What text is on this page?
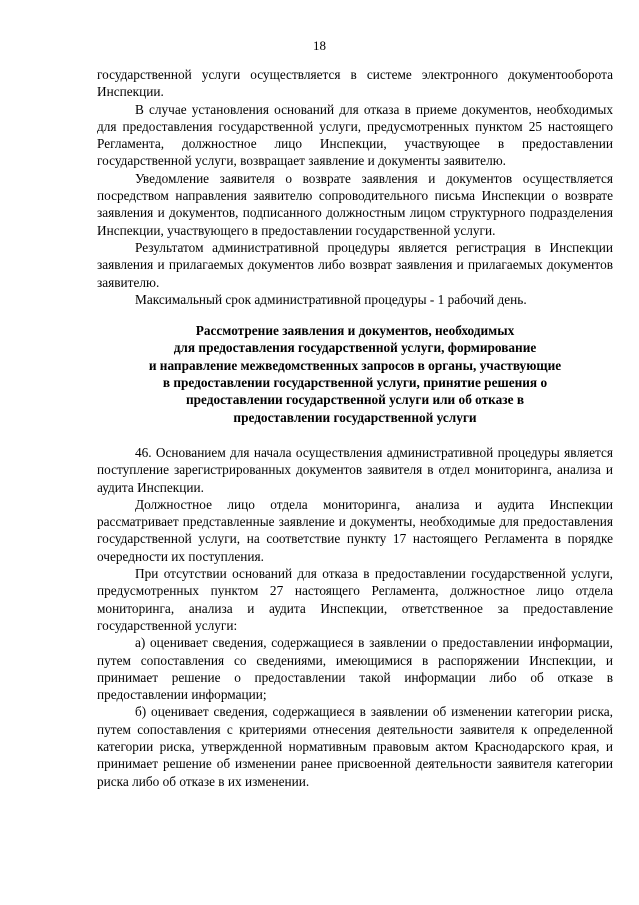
18

государственной услуги осуществляется в системе электронного документооборота Инспекции.

В случае установления оснований для отказа в приеме документов, необходимых для предоставления государственной услуги, предусмотренных пунктом 25 настоящего Регламента, должностное лицо Инспекции, участвующее в предоставлении государственной услуги, возвращает заявление и документы заявителю.

Уведомление заявителя о возврате заявления и документов осуществляется посредством направления заявителю сопроводительного письма Инспекции о возврате заявления и документов, подписанного должностным лицом структурного подразделения Инспекции, участвующего в предоставлении государственной услуги.

Результатом административной процедуры является регистрация в Инспекции заявления и прилагаемых документов либо возврат заявления и прилагаемых документов заявителю.

Максимальный срок административной процедуры - 1 рабочий день.

Рассмотрение заявления и документов, необходимых
для предоставления государственной услуги, формирование
и направление межведомственных запросов в органы, участвующие
в предоставлении государственной услуги, принятие решения о
предоставлении государственной услуги или об отказе в
предоставлении государственной услуги

46. Основанием для начала осуществления административной процедуры является поступление зарегистрированных документов заявителя в отдел мониторинга, анализа и аудита Инспекции.

Должностное лицо отдела мониторинга, анализа и аудита Инспекции рассматривает представленные заявление и документы, необходимые для предоставления государственной услуги, на соответствие пункту 17 настоящего Регламента в порядке очередности их поступления.

При отсутствии оснований для отказа в предоставлении государственной услуги, предусмотренных пунктом 27 настоящего Регламента, должностное лицо отдела мониторинга, анализа и аудита Инспекции, ответственное за предоставление государственной услуги:

а) оценивает сведения, содержащиеся в заявлении о предоставлении информации, путем сопоставления со сведениями, имеющимися в распоряжении Инспекции, и принимает решение о предоставлении такой информации либо об отказе в предоставлении информации;

б) оценивает сведения, содержащиеся в заявлении об изменении категории риска, путем сопоставления с критериями отнесения деятельности заявителя к определенной категории риска, утвержденной нормативным правовым актом Краснодарского края, и принимает решение об изменении ранее присвоенной деятельности заявителя категории риска либо об отказе в их изменении.
